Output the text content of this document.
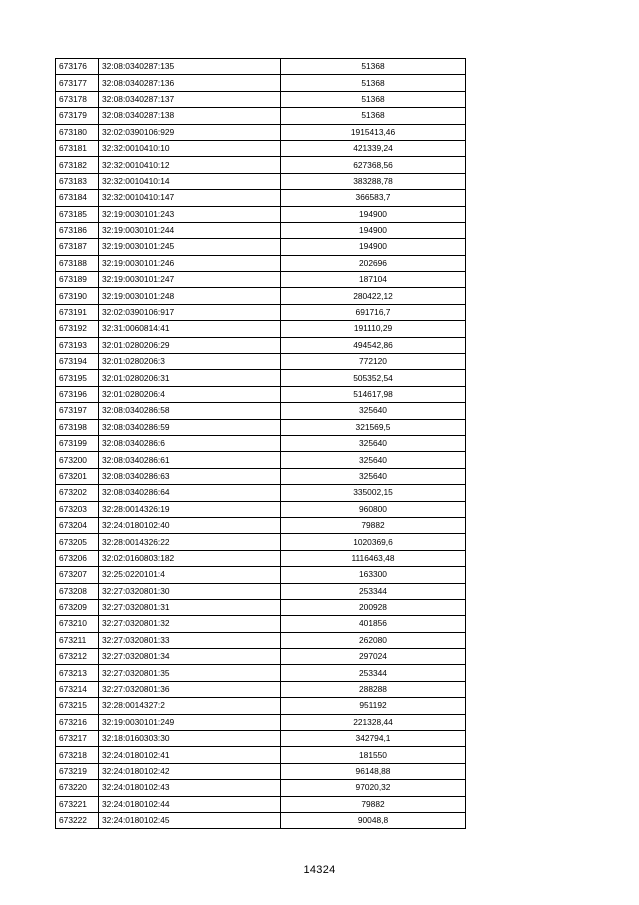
673176	32:08:0340287:135	51368
673177	32:08:0340287:136	51368
673178	32:08:0340287:137	51368
673179	32:08:0340287:138	51368
673180	32:02:0390106:929	1915413,46
673181	32:32:0010410:10	421339,24
673182	32:32:0010410:12	627368,56
673183	32:32:0010410:14	383288,78
673184	32:32:0010410:147	366583,7
673185	32:19:0030101:243	194900
673186	32:19:0030101:244	194900
673187	32:19:0030101:245	194900
673188	32:19:0030101:246	202696
673189	32:19:0030101:247	187104
673190	32:19:0030101:248	280422,12
673191	32:02:0390106:917	691716,7
673192	32:31:0060814:41	191110,29
673193	32:01:0280206:29	494542,86
673194	32:01:0280206:3	772120
673195	32:01:0280206:31	505352,54
673196	32:01:0280206:4	514617,98
673197	32:08:0340286:58	325640
673198	32:08:0340286:59	321569,5
673199	32:08:0340286:6	325640
673200	32:08:0340286:61	325640
673201	32:08:0340286:63	325640
673202	32:08:0340286:64	335002,15
673203	32:28:0014326:19	960800
673204	32:24:0180102:40	79882
673205	32:28:0014326:22	1020369,6
673206	32:02:0160803:182	1116463,48
673207	32:25:0220101:4	163300
673208	32:27:0320801:30	253344
673209	32:27:0320801:31	200928
673210	32:27:0320801:32	401856
673211	32:27:0320801:33	262080
673212	32:27:0320801:34	297024
673213	32:27:0320801:35	253344
673214	32:27:0320801:36	288288
673215	32:28:0014327:2	951192
673216	32:19:0030101:249	221328,44
673217	32:18:0160303:30	342794,1
673218	32:24:0180102:41	181550
673219	32:24:0180102:42	96148,88
673220	32:24:0180102:43	97020,32
673221	32:24:0180102:44	79882
673222	32:24:0180102:45	90048,8
14324
